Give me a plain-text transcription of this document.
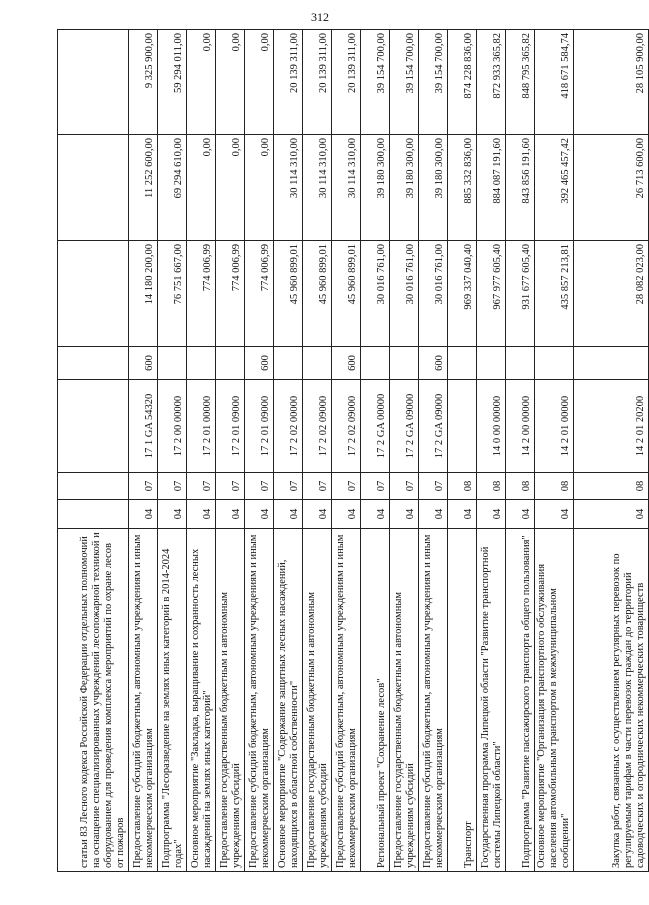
312
статьи 83 Лесного кодекса Российской Федерации отдельных полномочий на оснащение специализированных учреждений лесопожарной техникой и оборудованием для проведения комплекса мероприятий по охране лесов от пожаров							
Предоставление субсидий бюджетным, автономным учреждениям и иным некоммерческим организациям	04	07	17 1 GA 54320	600	14 180 200,00	11 252 600,00	9 325 900,00
Подпрограмма "Лесоразведение на землях иных категорий в 2014-2024 годах"	04	07	17 2 00 00000		76 751 667,00	69 294 610,00	59 294 011,00
Основное мероприятие "Закладка, выращивание и сохранность лесных насаждений на землях иных категорий"	04	07	17 2 01 00000		774 006,99	0,00	0,00
Предоставление государственным бюджетным и автономным учреждениям субсидий	04	07	17 2 01 09000		774 006,99	0,00	0,00
Предоставление субсидий бюджетным, автономным учреждениям и иным некоммерческим организациям	04	07	17 2 01 09000	600	774 006,99	0,00	0,00
Основное мероприятие "Содержание защитных лесных насаждений, находящихся в областной собственности"	04	07	17 2 02 00000		45 960 899,01	30 114 310,00	20 139 311,00
Предоставление государственным бюджетным и автономным учреждениям субсидий	04	07	17 2 02 09000		45 960 899,01	30 114 310,00	20 139 311,00
Предоставление субсидий бюджетным, автономным учреждениям и иным некоммерческим организациям	04	07	17 2 02 09000	600	45 960 899,01	30 114 310,00	20 139 311,00
Региональный проект "Сохранение лесов"	04	07	17 2 GA 00000		30 016 761,00	39 180 300,00	39 154 700,00
Предоставление государственным бюджетным и автономным учреждениям субсидий	04	07	17 2 GA 09000		30 016 761,00	39 180 300,00	39 154 700,00
Предоставление субсидий бюджетным, автономным учреждениям и иным некоммерческим организациям	04	07	17 2 GA 09000	600	30 016 761,00	39 180 300,00	39 154 700,00
Транспорт	04	08			969 337 040,40	885 332 836,00	874 228 836,00
Государственная программа Липецкой области "Развитие транспортной системы Липецкой области"	04	08	14 0 00 00000		967 977 605,40	884 087 191,60	872 933 365,82
Подпрограмма "Развитие пассажирского транспорта общего пользования"	04	08	14 2 00 00000		931 677 605,40	843 856 191,60	848 795 365,82
Основное мероприятие "Организация транспортного обслуживания населения автомобильным транспортом в межмуниципальном сообщении"	04	08	14 2 01 00000		435 857 213,81	392 465 457,42	418 671 584,74
Закупка работ, связанных с осуществлением регулярных перевозок по регулируемым тарифам в части перевозок граждан до территорий садоводческих и огороднических некоммерческих товариществ	04	08	14 2 01 20200		28 082 023,00	26 713 600,00	28 105 900,00
